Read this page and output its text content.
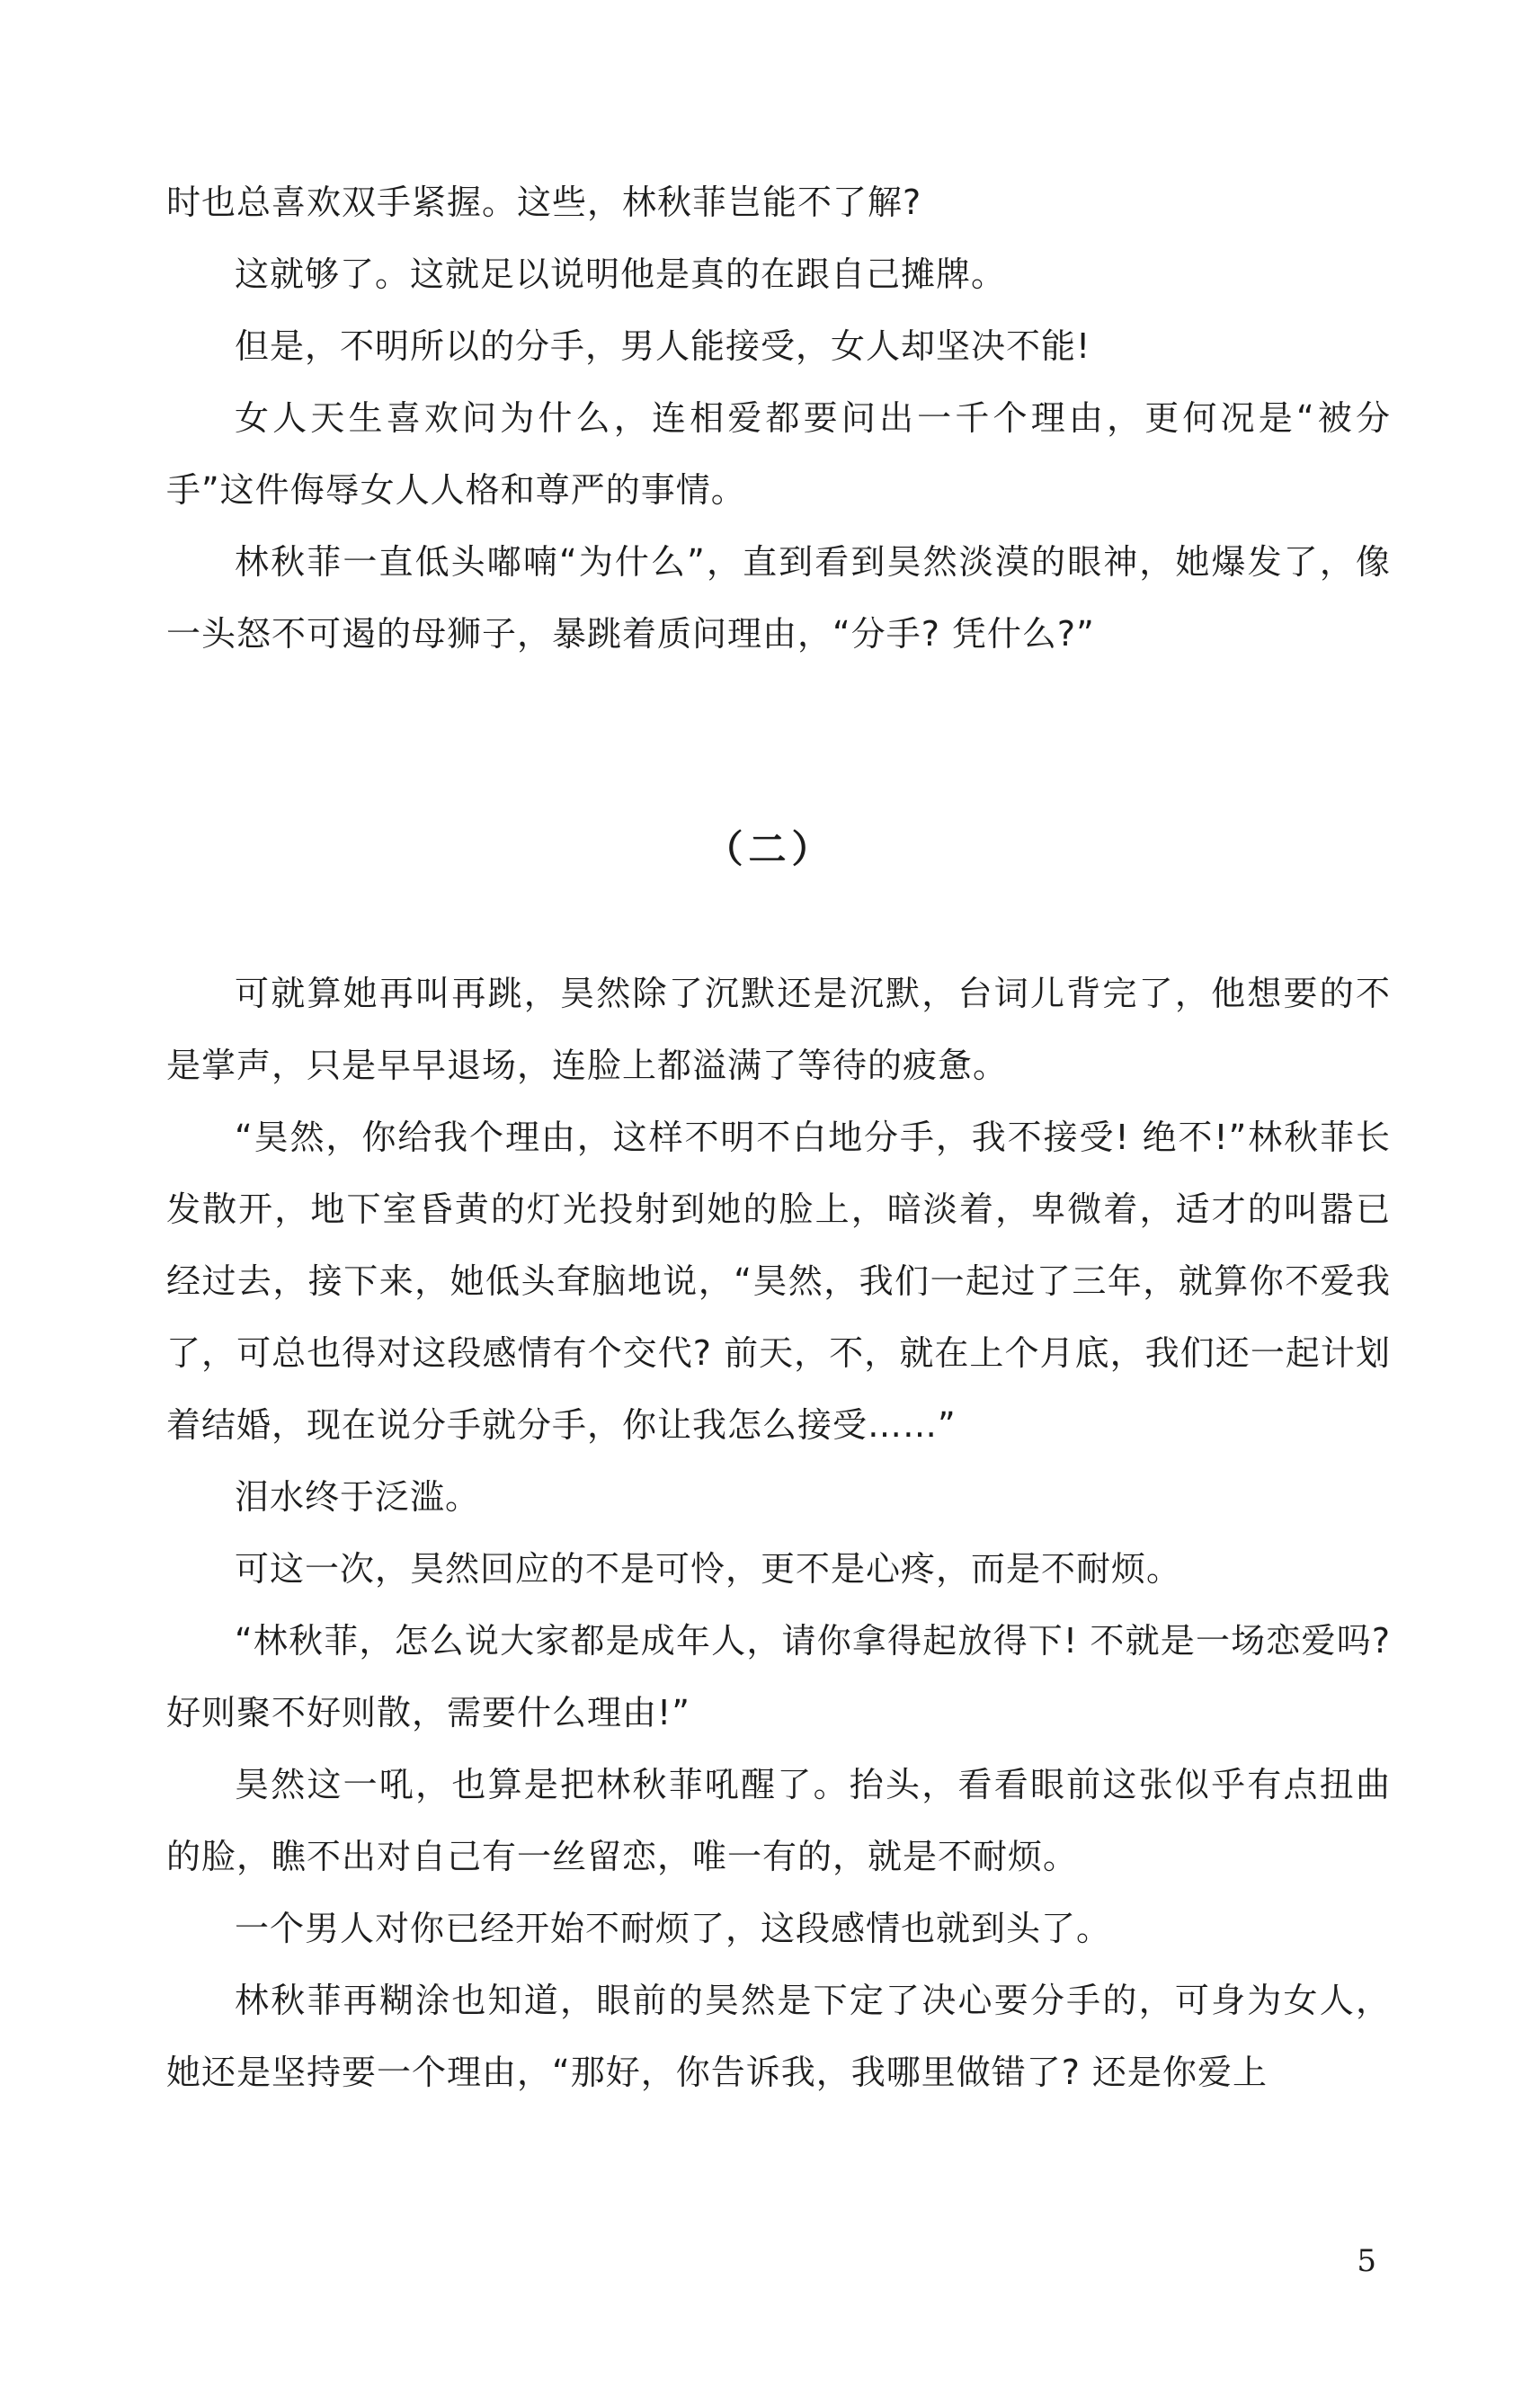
时也总喜欢双手紧握。这些，林秋菲岂能不了解?

这就够了。这就足以说明他是真的在跟自己摊牌。

但是，不明所以的分手，男人能接受，女人却坚决不能!

女人天生喜欢问为什么，连相爱都要问出一千个理由，更何况是“被分手”这件侮辱女人人格和尊严的事情。

林秋菲一直低头嘟喃“为什么”，直到看到昊然淡漠的眼神，她爆发了，像一头怒不可遏的母狮子，暴跳着质问理由，“分手? 凭什么?”

（二）

可就算她再叫再跳，昊然除了沉默还是沉默，台词儿背完了，他想要的不是掌声，只是早早退场，连脸上都溢满了等待的疲惫。

“昊然，你给我个理由，这样不明不白地分手，我不接受! 绝不!”林秋菲长发散开，地下室昏黄的灯光投射到她的脸上，暗淡着，卑微着，适才的叫嚣已经过去，接下来，她低头耷脑地说，“昊然，我们一起过了三年，就算你不爱我了，可总也得对这段感情有个交代? 前天，不，就在上个月底，我们还一起计划着结婚，现在说分手就分手，你让我怎么接受……”

泪水终于泛滥。

可这一次，昊然回应的不是可怜，更不是心疼，而是不耐烦。

“林秋菲，怎么说大家都是成年人，请你拿得起放得下! 不就是一场恋爱吗? 好则聚不好则散，需要什么理由!”

昊然这一吼，也算是把林秋菲吼醒了。抬头，看看眼前这张似乎有点扭曲的脸，瞧不出对自己有一丝留恋，唯一有的，就是不耐烦。

一个男人对你已经开始不耐烦了，这段感情也就到头了。

林秋菲再糊涂也知道，眼前的昊然是下定了决心要分手的，可身为女人，她还是坚持要一个理由，“那好，你告诉我，我哪里做错了? 还是你爱上

5
